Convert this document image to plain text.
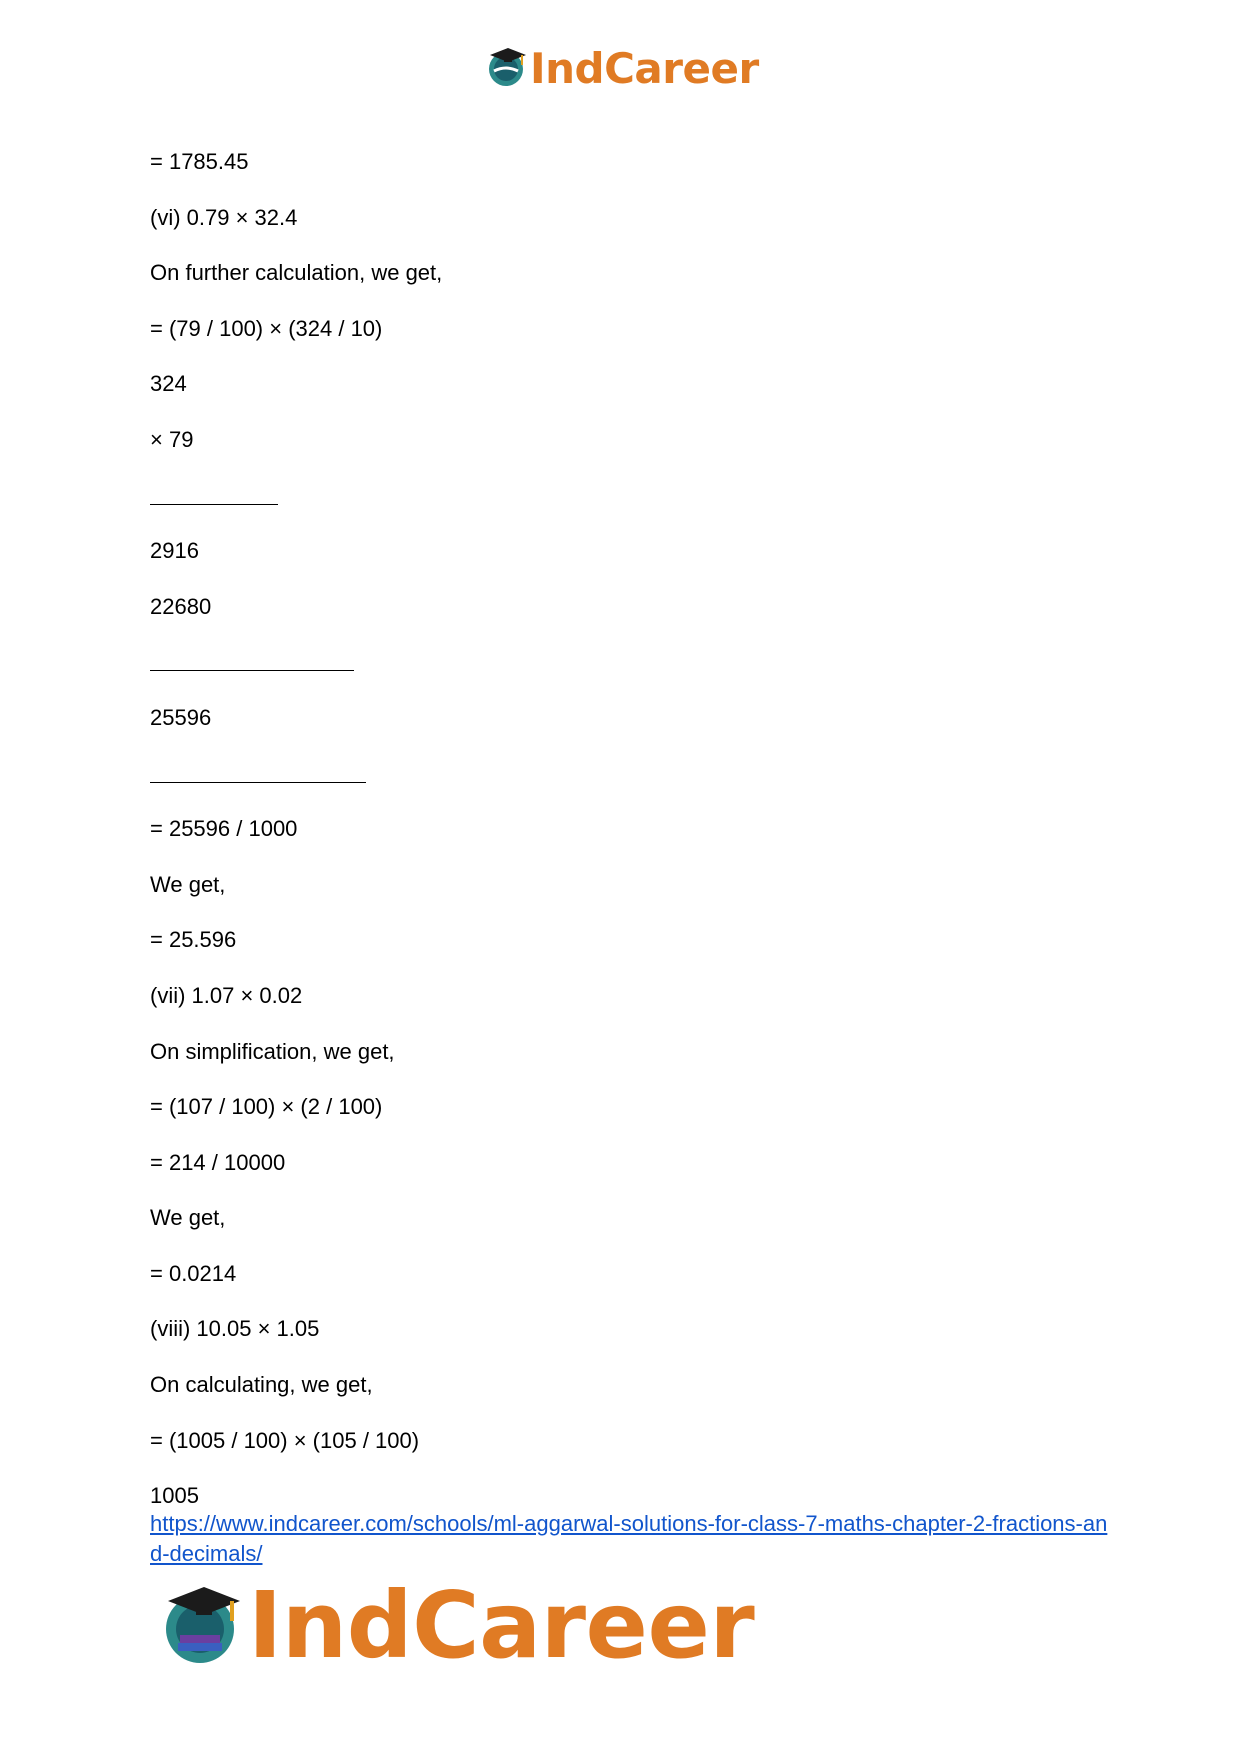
IndCareer
= 1785.45
(vi) 0.79 × 32.4
On further calculation, we get,
= (79 / 100) × (324 / 10)
324
× 79
2916
22680
25596
= 25596 / 1000
We get,
= 25.596
(vii) 1.07 × 0.02
On simplification, we get,
= (107 / 100) × (2 / 100)
= 214 / 10000
We get,
= 0.0214
(viii) 10.05 × 1.05
On calculating, we get,
= (1005 / 100) × (105 / 100)
1005
https://www.indcareer.com/schools/ml-aggarwal-solutions-for-class-7-maths-chapter-2-fractions-and-decimals/
IndCareer
